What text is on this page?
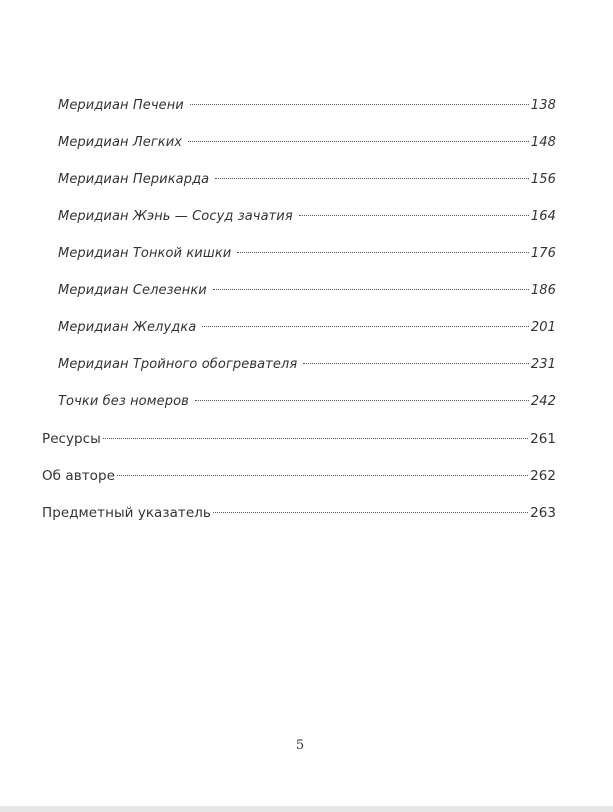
Меридиан Печени	138
Меридиан Легких	148
Меридиан Перикарда	156
Меридиан Жэнь — Сосуд зачатия	164
Меридиан Тонкой кишки	176
Меридиан Селезенки	186
Меридиан Желудка	201
Меридиан Тройного обогревателя	231
Точки без номеров	242
Ресурсы	261
Об авторе	262
Предметный указатель	263
5
